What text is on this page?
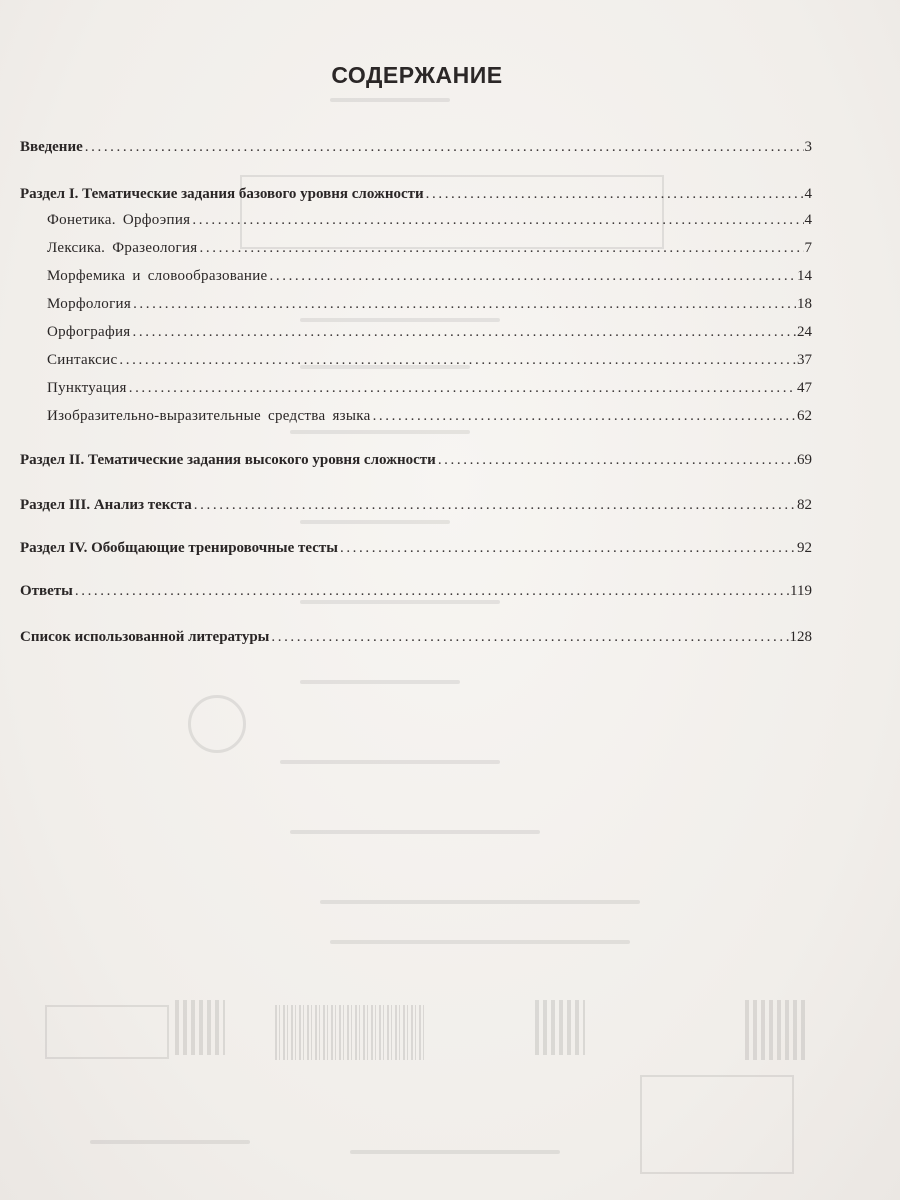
СОДЕРЖАНИЕ
Введение .....	3
Раздел I. Тематические задания базового уровня сложности .....	4
Фонетика. Орфоэпия .....	4
Лексика. Фразеология .....	7
Морфемика и словообразование .....	14
Морфология .....	18
Орфография .....	24
Синтаксис .....	37
Пунктуация .....	47
Изобразительно-выразительные средства языка .....	62
Раздел II. Тематические задания высокого уровня сложности .....	69
Раздел III. Анализ текста .....	82
Раздел IV. Обобщающие тренировочные тесты .....	92
Ответы .....	119
Список использованной литературы .....	128
